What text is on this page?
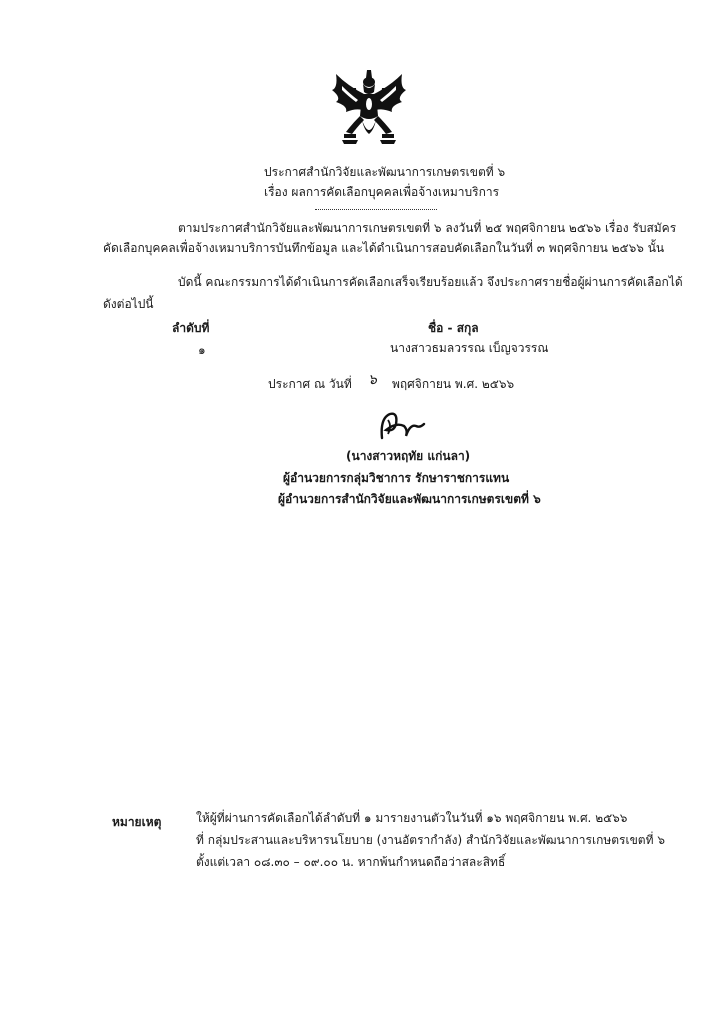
ประกาศสำนักวิจัยและพัฒนาการเกษตรเขตที่ ๖
เรื่อง ผลการคัดเลือกบุคคลเพื่อจ้างเหมาบริการ
ตามประกาศสำนักวิจัยและพัฒนาการเกษตรเขตที่ ๖ ลงวันที่ ๒๕ พฤศจิกายน ๒๕๖๖ เรื่อง รับสมัคร
คัดเลือกบุคคลเพื่อจ้างเหมาบริการบันทึกข้อมูล และได้ดำเนินการสอบคัดเลือกในวันที่ ๓ พฤศจิกายน ๒๕๖๖ นั้น
บัดนี้ คณะกรรมการได้ดำเนินการคัดเลือกเสร็จเรียบร้อยแล้ว จึงประกาศรายชื่อผู้ผ่านการคัดเลือกได้
ดังต่อไปนี้
ลำดับที่	ชื่อ - สกุล
๑	นางสาวธมลวรรณ เบ็ญจวรรณ
ประกาศ ณ วันที่ ๖ พฤศจิกายน พ.ศ. ๒๕๖๖
(นางสาวหฤทัย แก่นลา)
ผู้อำนวยการกลุ่มวิชาการ รักษาราชการแทน
ผู้อำนวยการสำนักวิจัยและพัฒนาการเกษตรเขตที่ ๖
หมายเหตุ	ให้ผู้ที่ผ่านการคัดเลือกได้ลำดับที่ ๑ มารายงานตัวในวันที่ ๑๖ พฤศจิกายน พ.ศ. ๒๕๖๖
ที่ กลุ่มประสานและบริหารนโยบาย (งานอัตรากำลัง) สำนักวิจัยและพัฒนาการเกษตรเขตที่ ๖
ตั้งแต่เวลา ๐๘.๓๐ – ๐๙.๐๐ น. หากพ้นกำหนดถือว่าสละสิทธิ์
